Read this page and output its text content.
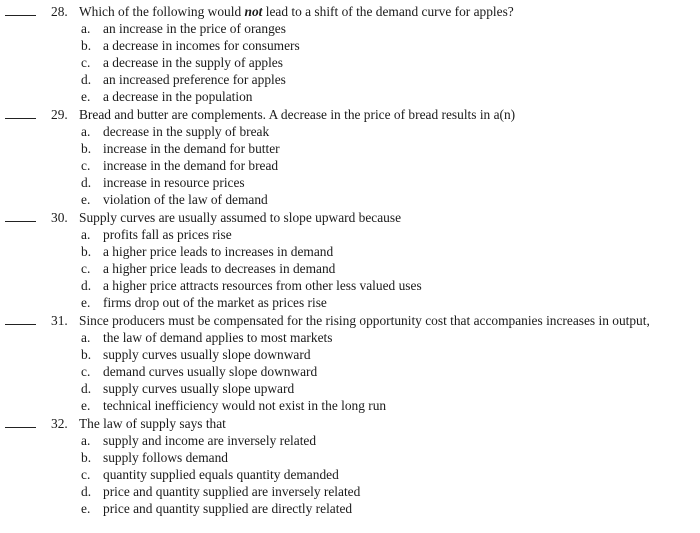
28. Which of the following would not lead to a shift of the demand curve for apples?
a. an increase in the price of oranges
b. a decrease in incomes for consumers
c. a decrease in the supply of apples
d. an increased preference for apples
e. a decrease in the population
29. Bread and butter are complements. A decrease in the price of bread results in a(n)
a. decrease in the supply of break
b. increase in the demand for butter
c. increase in the demand for bread
d. increase in resource prices
e. violation of the law of demand
30. Supply curves are usually assumed to slope upward because
a. profits fall as prices rise
b. a higher price leads to increases in demand
c. a higher price leads to decreases in demand
d. a higher price attracts resources from other less valued uses
e. firms drop out of the market as prices rise
31. Since producers must be compensated for the rising opportunity cost that accompanies increases in output,
a. the law of demand applies to most markets
b. supply curves usually slope downward
c. demand curves usually slope downward
d. supply curves usually slope upward
e. technical inefficiency would not exist in the long run
32. The law of supply says that
a. supply and income are inversely related
b. supply follows demand
c. quantity supplied equals quantity demanded
d. price and quantity supplied are inversely related
e. price and quantity supplied are directly related
